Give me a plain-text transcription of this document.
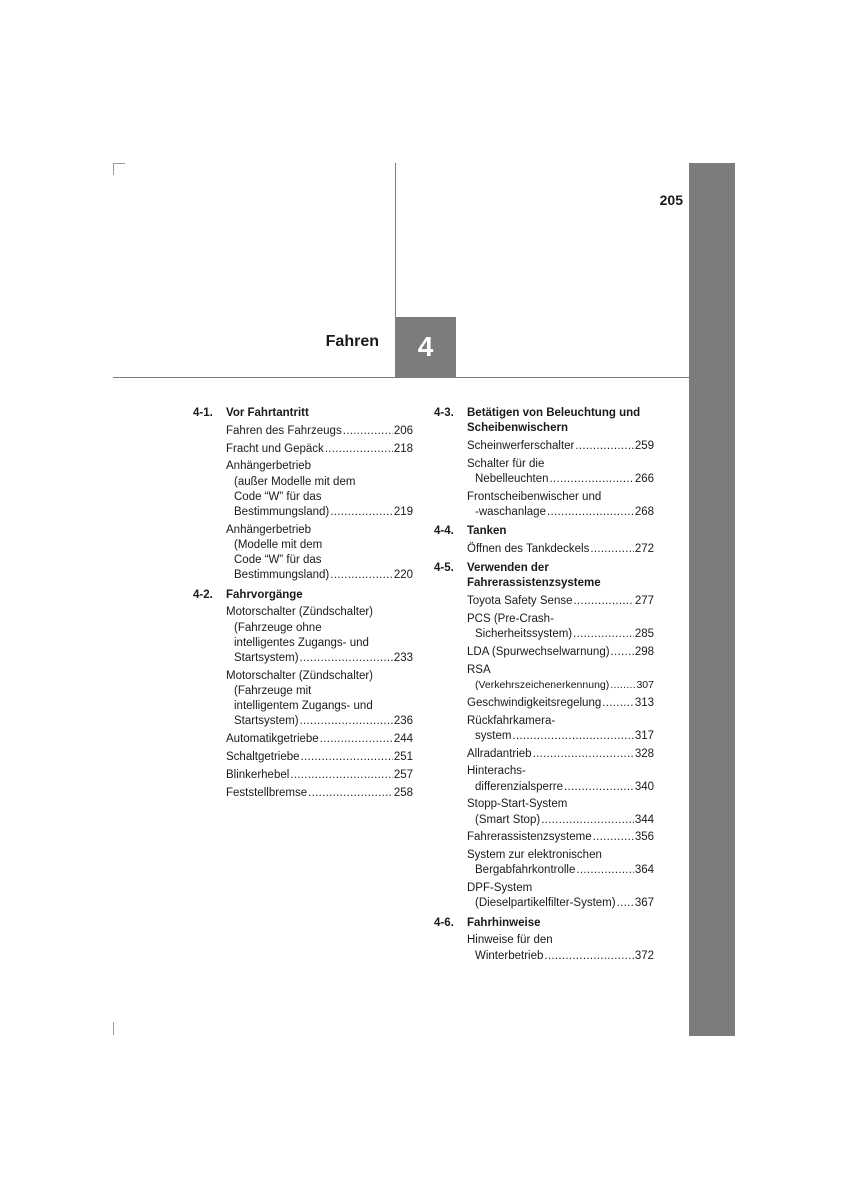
205
4
Fahren
4-1.	Vor Fahrtantritt
Fahren des Fahrzeugs .....	206
Fracht und Gepäck .....	218
Anhängerbetrieb
(außer Modelle mit dem
Code “W” für das
Bestimmungsland) .....	219
Anhängerbetrieb
(Modelle mit dem
Code “W” für das
Bestimmungsland) .....	220
4-2.	Fahrvorgänge
Motorschalter (Zündschalter)
(Fahrzeuge ohne
intelligentes Zugangs- und
Startsystem) .....	233
Motorschalter (Zündschalter)
(Fahrzeuge mit
intelligentem Zugangs- und
Startsystem) .....	236
Automatikgetriebe .....	244
Schaltgetriebe .....	251
Blinkerhebel .....	257
Feststellbremse .....	258
4-3.	Betätigen von Beleuchtung und Scheibenwischern
Scheinwerferschalter .....	259
Schalter für die
Nebelleuchten .....	266
Frontscheibenwischer und
-waschanlage .....	268
4-4.	Tanken
Öffnen des Tankdeckels .....	272
4-5.	Verwenden der Fahrerassistenzsysteme
Toyota Safety Sense .....	277
PCS (Pre-Crash-
Sicherheitssystem) .....	285
LDA (Spurwechselwarnung) ..... 298
RSA
(Verkehrszeichenerkennung) .....	307
Geschwindigkeitsregelung .....	313
Rückfahrkamera-
system .....	317
Allradantrieb .....	328
Hinterachs-
differenzialsperre .....	340
Stopp-Start-System
(Smart Stop) .....	344
Fahrerassistenzsysteme .....	356
System zur elektronischen
Bergabfahrkontrolle .....	364
DPF-System
(Dieselpartikelfilter-System) ..... 367
4-6.	Fahrhinweise
Hinweise für den
Winterbetrieb .....	372
